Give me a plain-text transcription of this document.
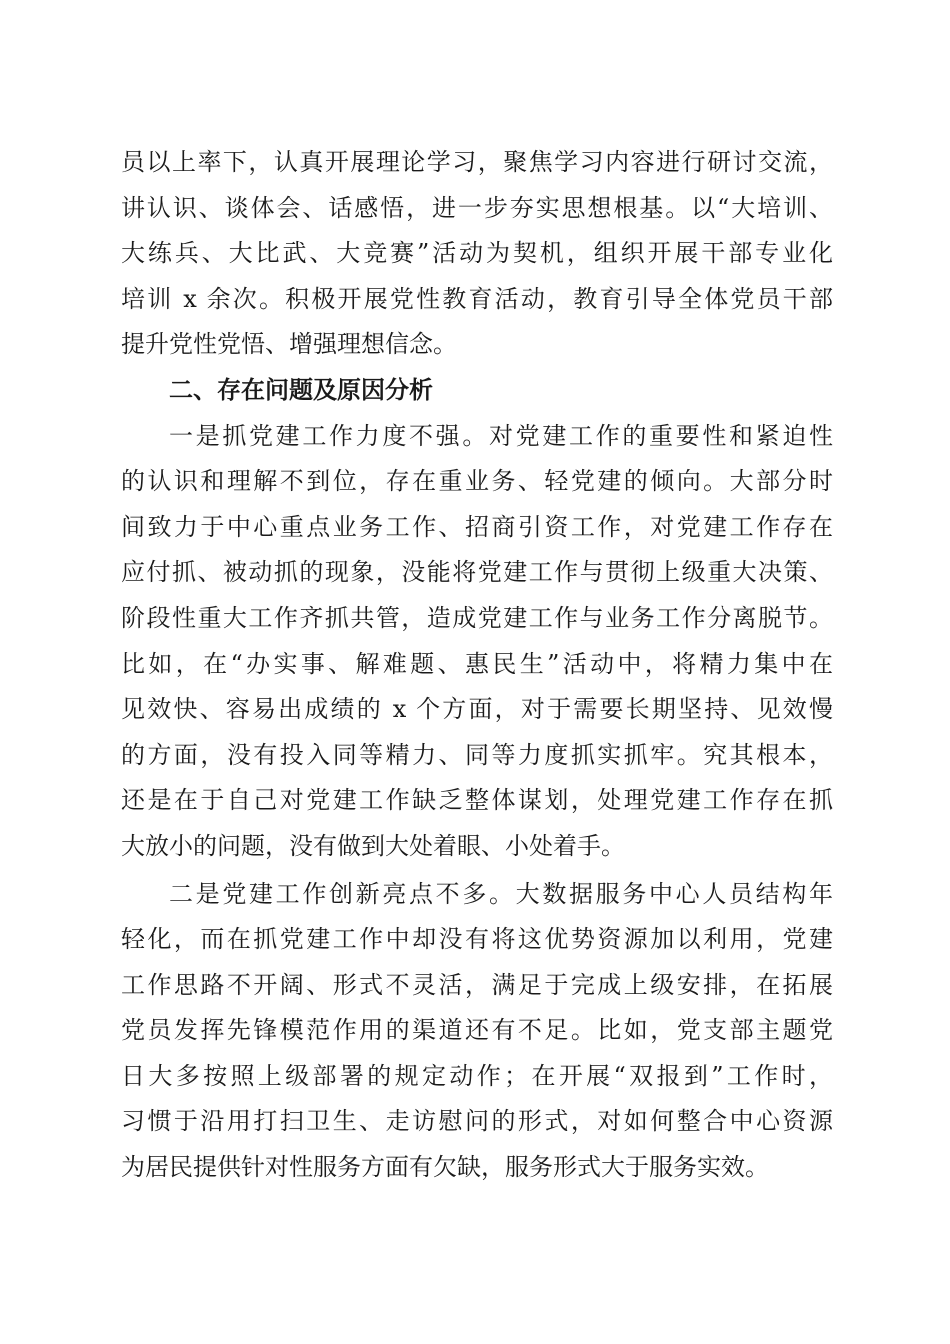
员以上率下，认真开展理论学习，聚焦学习内容进行研讨交流，
讲认识、谈体会、话感悟，进一步夯实思想根基。以“大培训、
大练兵、大比武、大竞赛”活动为契机，组织开展干部专业化
培训 x 余次。积极开展党性教育活动，教育引导全体党员干部
提升党性党悟、增强理想信念。
二、存在问题及原因分析
一是抓党建工作力度不强。对党建工作的重要性和紧迫性
的认识和理解不到位，存在重业务、轻党建的倾向。大部分时
间致力于中心重点业务工作、招商引资工作，对党建工作存在
应付抓、被动抓的现象，没能将党建工作与贯彻上级重大决策、
阶段性重大工作齐抓共管，造成党建工作与业务工作分离脱节。
比如，在“办实事、解难题、惠民生”活动中，将精力集中在
见效快、容易出成绩的 x 个方面，对于需要长期坚持、见效慢
的方面，没有投入同等精力、同等力度抓实抓牢。究其根本，
还是在于自己对党建工作缺乏整体谋划，处理党建工作存在抓
大放小的问题，没有做到大处着眼、小处着手。
二是党建工作创新亮点不多。大数据服务中心人员结构年
轻化，而在抓党建工作中却没有将这优势资源加以利用，党建
工作思路不开阔、形式不灵活，满足于完成上级安排，在拓展
党员发挥先锋模范作用的渠道还有不足。比如，党支部主题党
日大多按照上级部署的规定动作；在开展“双报到”工作时，
习惯于沿用打扫卫生、走访慰问的形式，对如何整合中心资源
为居民提供针对性服务方面有欠缺，服务形式大于服务实效。
